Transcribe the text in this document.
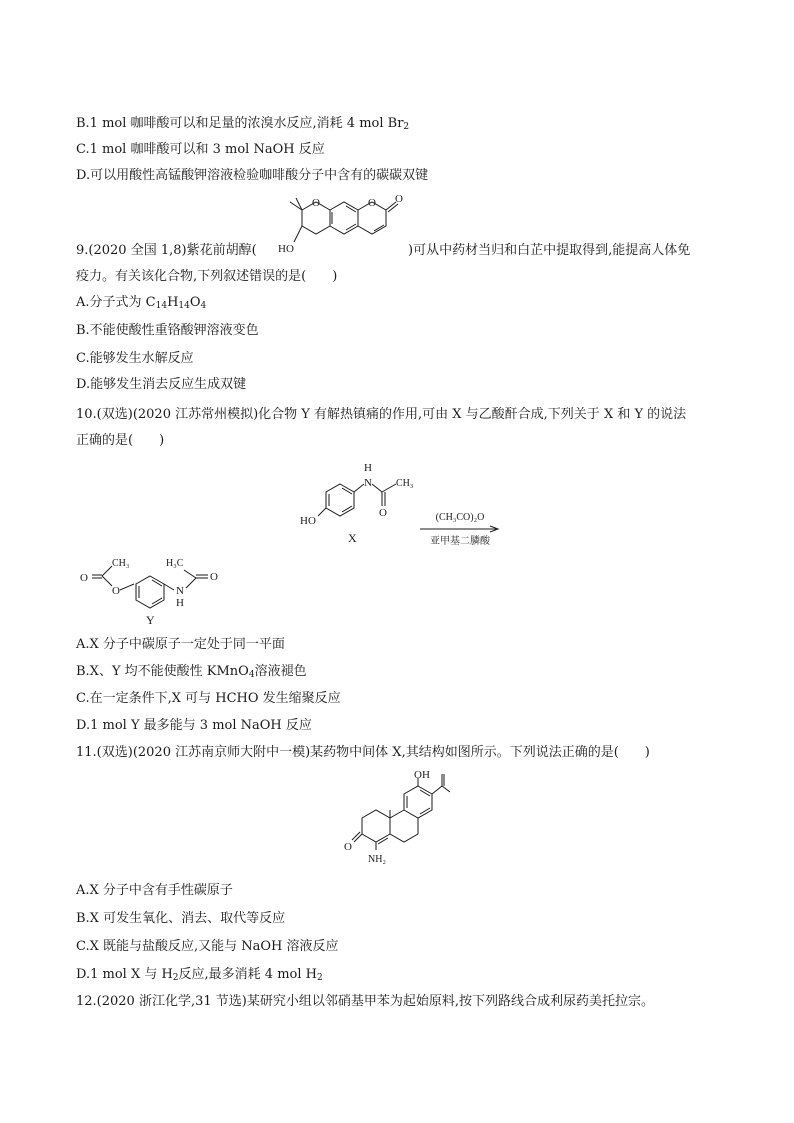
B.1 mol 咖啡酸可以和足量的浓溴水反应,消耗 4 mol $Br_2$
C.1 mol 咖啡酸可以和 3 mol NaOH 反应
D.可以用酸性高锰酸钾溶液检验咖啡酸分子中含有的碳碳双键
O	O O
HO
9.(2020 全国 1,8)紫花前胡醇(	)可从中药材当归和白芷中提取得到,能提高人体免
疫力。有关该化合物,下列叙述错误的是(　　)
A.分子式为 $C_{14}H_{14}O_4$
B.不能使酸性重铬酸钾溶液变色
C.能够发生水解反应
D.能够发生消去反应生成双键
10.(双选)(2020 江苏常州模拟)化合物 Y 有解热镇痛的作用,可由 X 与乙酸酐合成,下列关于 X 和 Y 的说法
正确的是(　　)
N
H
CH₃
O
HO
X
(CH₃CO)₂O
亚甲基二膦酸
O
CH₃
O
H₃C
N
H
O
Y
A.X 分子中碳原子一定处于同一平面
B.X、Y 均不能使酸性 KMnO$_4$溶液褪色
C.在一定条件下,X 可与 HCHO 发生缩聚反应
D.1 mol Y 最多能与 3 mol NaOH 反应
11.(双选)(2020 江苏南京师大附中一模)某药物中间体 X,其结构如图所示。下列说法正确的是(　　)
OH
O
NH₂
A.X 分子中含有手性碳原子
B.X 可发生氧化、消去、取代等反应
C.X 既能与盐酸反应,又能与 NaOH 溶液反应
D.1 mol X 与 $H_2$反应,最多消耗 4 mol $H_2$
12.(2020 浙江化学,31 节选)某研究小组以邻硝基甲苯为起始原料,按下列路线合成利尿药美托拉宗。
